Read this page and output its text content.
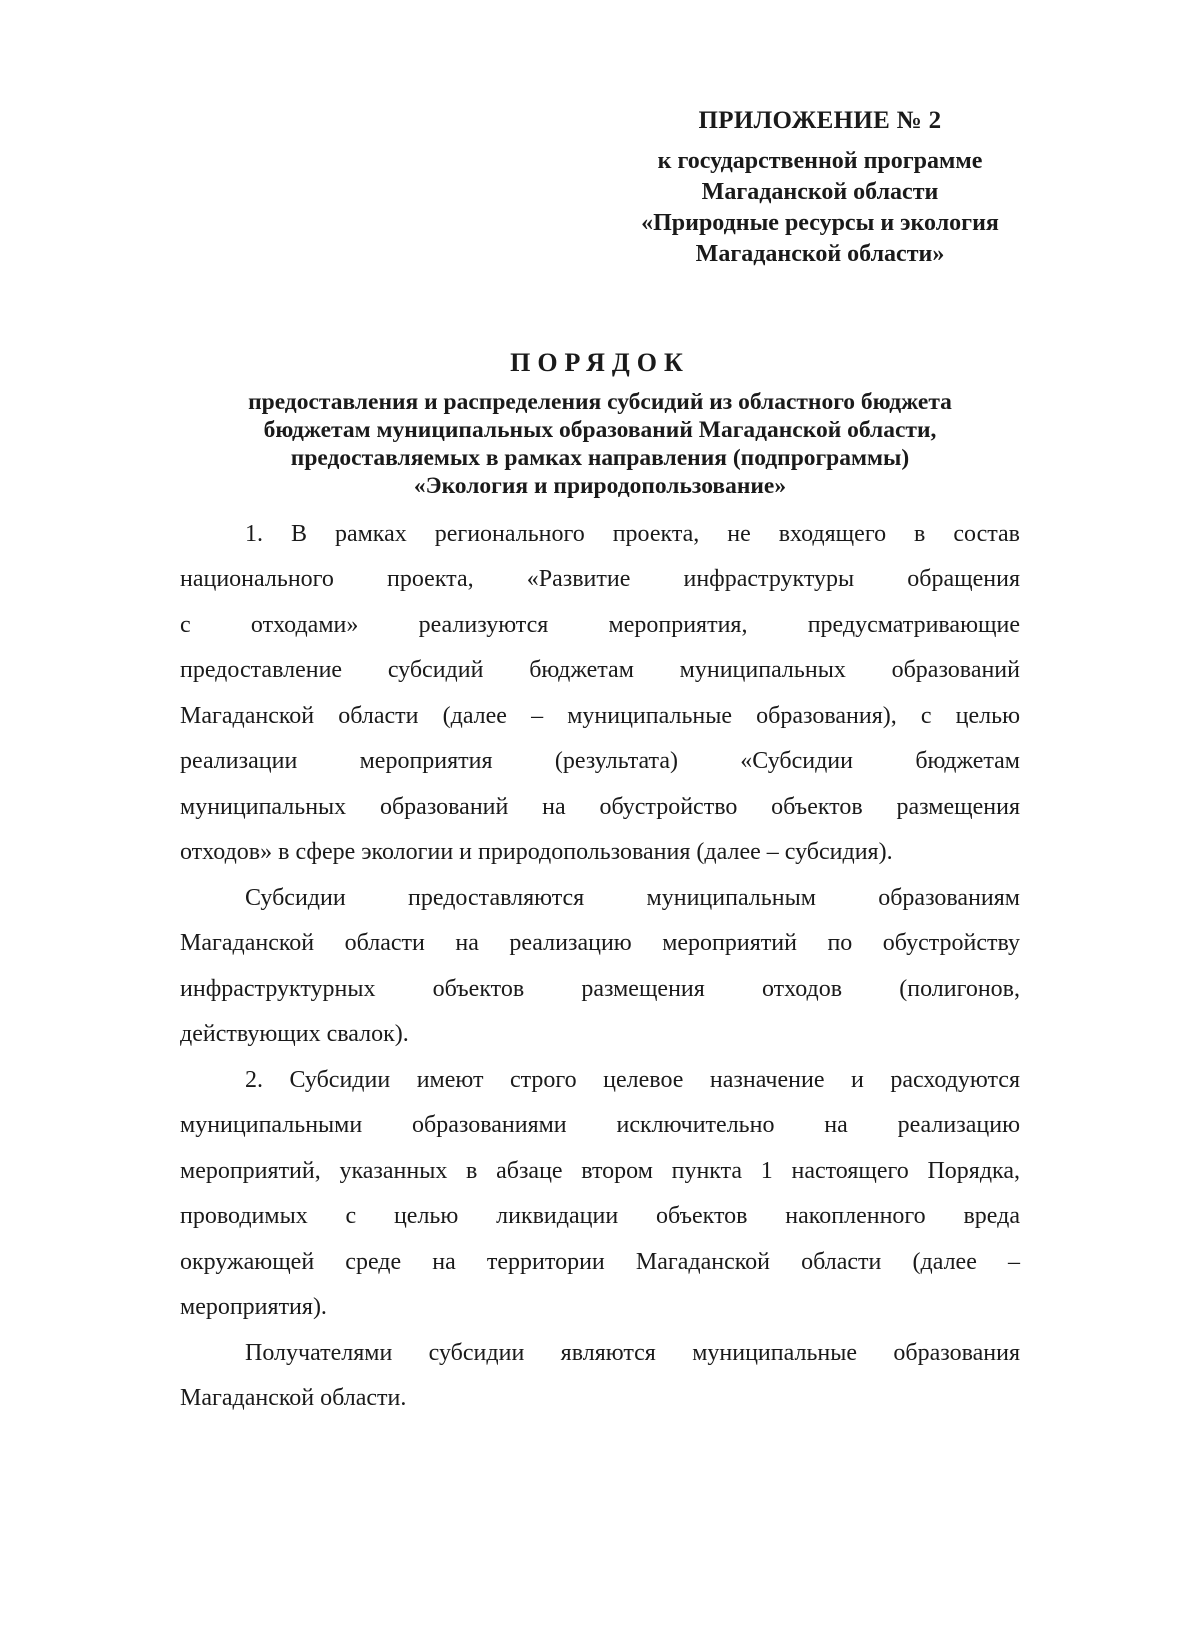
ПРИЛОЖЕНИЕ № 2
к государственной программе
Магаданской области
«Природные ресурсы и экология
Магаданской области»
ПОРЯДОК
предоставления и распределения субсидий из областного бюджета
бюджетам муниципальных образований Магаданской области,
предоставляемых в рамках направления (подпрограммы)
«Экология и природопользование»
1. В рамках регионального проекта, не входящего в состав
национального проекта, «Развитие инфраструктуры обращения
с отходами» реализуются мероприятия, предусматривающие
предоставление субсидий бюджетам муниципальных образований
Магаданской области (далее – муниципальные образования), с целью
реализации мероприятия (результата) «Субсидии бюджетам
муниципальных образований на обустройство объектов размещения
отходов» в сфере экологии и природопользования (далее – субсидия).
Субсидии предоставляются муниципальным образованиям
Магаданской области на реализацию мероприятий по обустройству
инфраструктурных объектов размещения отходов (полигонов,
действующих свалок).
2. Субсидии имеют строго целевое назначение и расходуются
муниципальными образованиями исключительно на реализацию
мероприятий, указанных в абзаце втором пункта 1 настоящего Порядка,
проводимых с целью ликвидации объектов накопленного вреда
окружающей среде на территории Магаданской области (далее –
мероприятия).
Получателями субсидии являются муниципальные образования
Магаданской области.
